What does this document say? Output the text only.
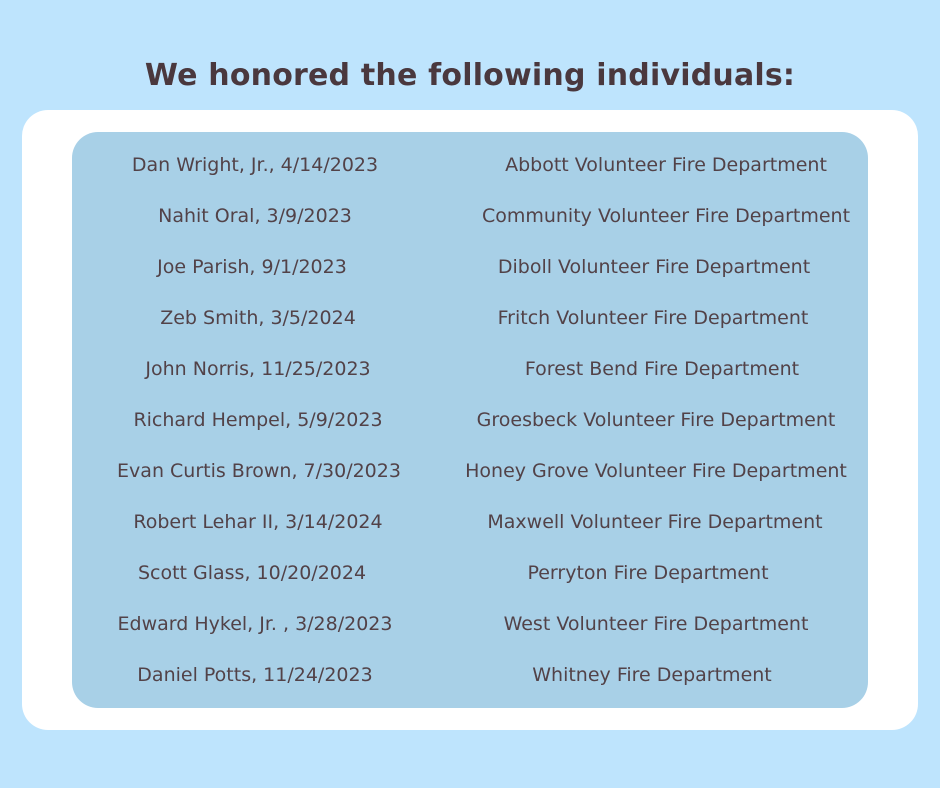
We honored the following individuals:
Dan Wright, Jr., 4/14/2023	Abbott Volunteer Fire Department
Nahit Oral, 3/9/2023	Community Volunteer Fire Department
Joe Parish, 9/1/2023	Diboll Volunteer Fire Department
Zeb Smith, 3/5/2024	Fritch Volunteer Fire Department
John Norris, 11/25/2023	Forest Bend Fire Department
Richard Hempel, 5/9/2023	Groesbeck Volunteer Fire Department
Evan Curtis Brown, 7/30/2023	Honey Grove Volunteer Fire Department
Robert Lehar II, 3/14/2024	Maxwell Volunteer Fire Department
Scott Glass, 10/20/2024	Perryton Fire Department
Edward Hykel, Jr. , 3/28/2023	West Volunteer Fire Department
Daniel Potts, 11/24/2023	Whitney Fire Department
